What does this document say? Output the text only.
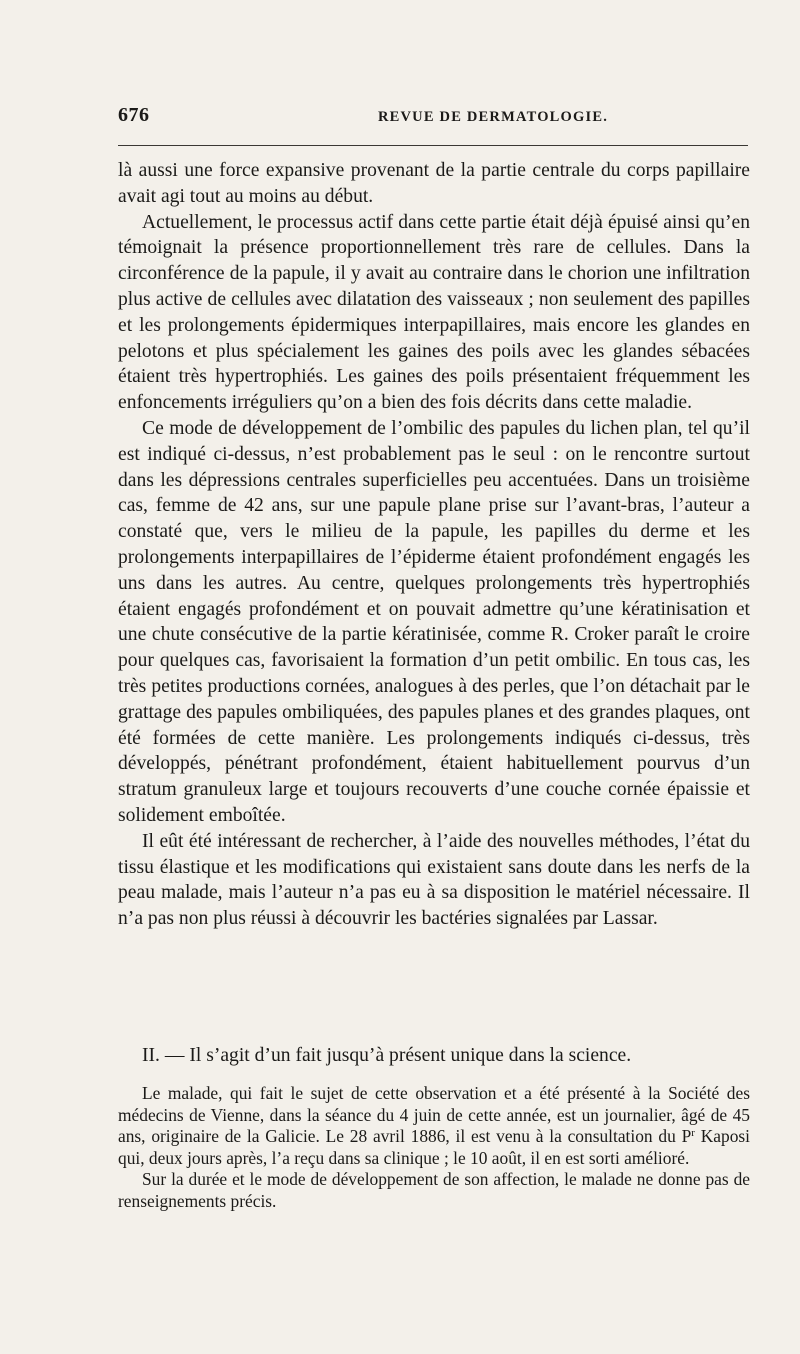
676	REVUE DE DERMATOLOGIE.

là aussi une force expansive provenant de la partie centrale du corps papillaire avait agi tout au moins au début.

Actuellement, le processus actif dans cette partie était déjà épuisé ainsi qu’en témoignait la présence proportionnellement très rare de cellules. Dans la circonférence de la papule, il y avait au contraire dans le chorion une infiltration plus active de cellules avec dilatation des vaisseaux ; non seulement des papilles et les prolongements épidermiques interpapillaires, mais encore les glandes en pelotons et plus spécialement les gaines des poils avec les glandes sébacées étaient très hypertrophiés. Les gaines des poils présentaient fréquemment les enfoncements irréguliers qu’on a bien des fois décrits dans cette maladie.

Ce mode de développement de l’ombilic des papules du lichen plan, tel qu’il est indiqué ci-dessus, n’est probablement pas le seul : on le rencontre surtout dans les dépressions centrales superficielles peu accentuées. Dans un troisième cas, femme de 42 ans, sur une papule plane prise sur l’avant-bras, l’auteur a constaté que, vers le milieu de la papule, les papilles du derme et les prolongements interpapillaires de l’épiderme étaient profondément engagés les uns dans les autres. Au centre, quelques prolongements très hypertrophiés étaient engagés profondément et on pouvait admettre qu’une kératinisation et une chute consécutive de la partie kératinisée, comme R. Croker paraît le croire pour quelques cas, favorisaient la formation d’un petit ombilic. En tous cas, les très petites productions cornées, analogues à des perles, que l’on détachait par le grattage des papules ombiliquées, des papules planes et des grandes plaques, ont été formées de cette manière. Les prolongements indiqués ci-dessus, très développés, pénétrant profondément, étaient habituellement pourvus d’un stratum granuleux large et toujours recouverts d’une couche cornée épaissie et solidement emboîtée.

Il eût été intéressant de rechercher, à l’aide des nouvelles méthodes, l’état du tissu élastique et les modifications qui existaient sans doute dans les nerfs de la peau malade, mais l’auteur n’a pas eu à sa disposition le matériel nécessaire. Il n’a pas non plus réussi à découvrir les bactéries signalées par Lassar.

II. — Il s’agit d’un fait jusqu’à présent unique dans la science.

Le malade, qui fait le sujet de cette observation et a été présenté à la Société des médecins de Vienne, dans la séance du 4 juin de cette année, est un journalier, âgé de 45 ans, originaire de la Galicie. Le 28 avril 1886, il est venu à la consultation du $P^r$ Kaposi qui, deux jours après, l’a reçu dans sa clinique ; le 10 août, il en est sorti amélioré.

Sur la durée et le mode de développement de son affection, le malade ne donne pas de renseignements précis.
